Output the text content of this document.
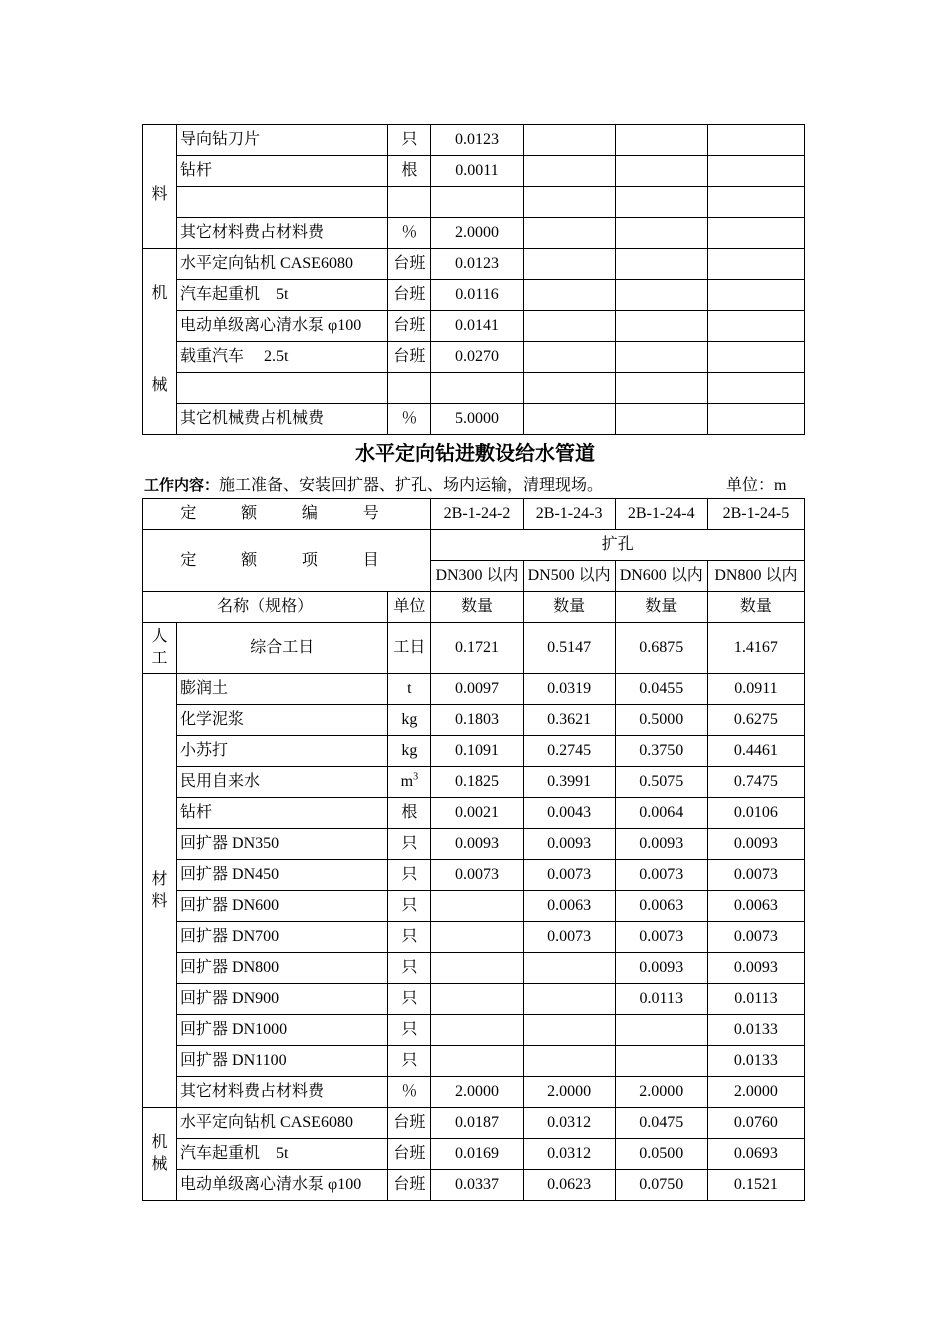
料	导向钻刀片	只	0.0123			
	钻杆	根	0.0011			

	其它材料费占材料费	％	2.0000			

机
械	水平定向钻机 CASE6080	台班	0.0123			
	汽车起重机　5t	台班	0.0116			
	电动单级离心清水泵 φ100	台班	0.0141			
	载重汽车　 2.5t	台班	0.0270			

	其它机械费占机械费	％	5.0000			
水平定向钻进敷设给水管道
工作内容：施工准备、安装回扩器、扩孔、场内运输，清理现场。	单位：m
定　额　编　号			2B-1-24-2	2B-1-24-3	2B-1-24-4	2B-1-24-5
定　额　项　目			扩孔			
			DN300 以内	DN500 以内	DN600 以内	DN800 以内
名称（规格）		单位	数量	数量	数量	数量
人
工	综合工日	工日	0.1721	0.5147	0.6875	1.4167
材
料	膨润土	t	0.0097	0.0319	0.0455	0.0911
	化学泥浆	kg	0.1803	0.3621	0.5000	0.6275
	小苏打	kg	0.1091	0.2745	0.3750	0.4461
	民用自来水	$m^3$	0.1825	0.3991	0.5075	0.7475
	钻杆	根	0.0021	0.0043	0.0064	0.0106
	回扩器 DN350	只	0.0093	0.0093	0.0093	0.0093
	回扩器 DN450	只	0.0073	0.0073	0.0073	0.0073
	回扩器 DN600	只		0.0063	0.0063	0.0063
	回扩器 DN700	只		0.0073	0.0073	0.0073
	回扩器 DN800	只			0.0093	0.0093
	回扩器 DN900	只			0.0113	0.0113
	回扩器 DN1000	只				0.0133
	回扩器 DN1100	只				0.0133
	其它材料费占材料费	％	2.0000	2.0000	2.0000	2.0000
机
械	水平定向钻机 CASE6080	台班	0.0187	0.0312	0.0475	0.0760
	汽车起重机　5t	台班	0.0169	0.0312	0.0500	0.0693
	电动单级离心清水泵 φ100	台班	0.0337	0.0623	0.0750	0.1521
